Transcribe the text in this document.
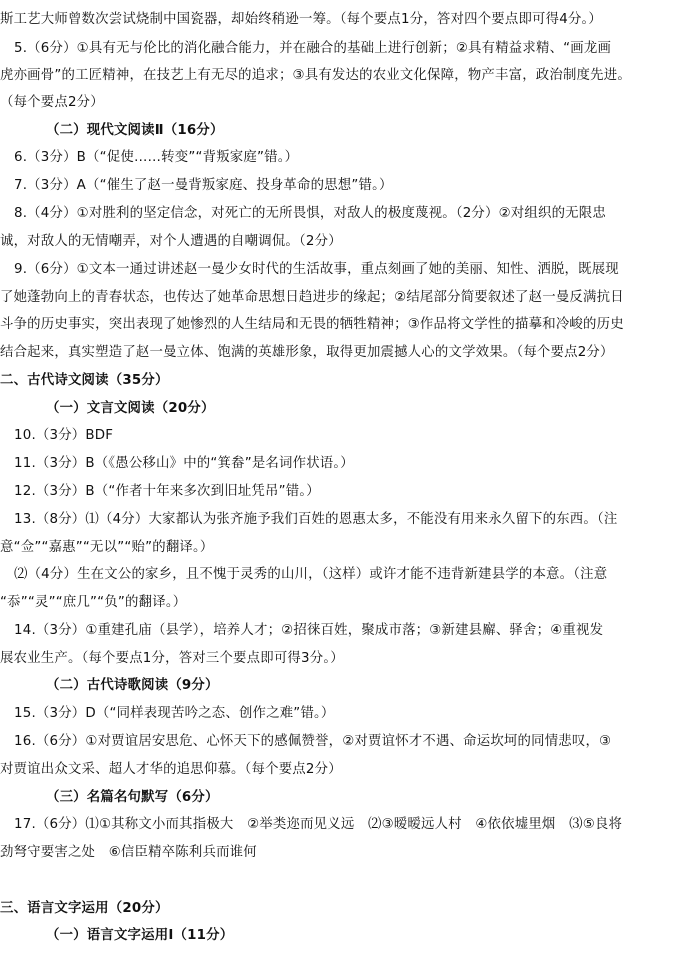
斯工艺大师曾数次尝试烧制中国瓷器，却始终稍逊一筹。（每个要点1分，答对四个要点即可得4分。）
5.（6分）①具有无与伦比的消化融合能力，并在融合的基础上进行创新；②具有精益求精、“画龙画
虎亦画骨”的工匠精神，在技艺上有无尽的追求；③具有发达的农业文化保障，物产丰富，政治制度先进。
（每个要点2分）
（二）现代文阅读Ⅱ（16分）
6.（3分）B（“促使……转变”“背叛家庭”错。）
7.（3分）A（“催生了赵一曼背叛家庭、投身革命的思想”错。）
8.（4分）①对胜利的坚定信念，对死亡的无所畏惧，对敌人的极度蔑视。（2分）②对组织的无限忠
诚，对敌人的无情嘲弄，对个人遭遇的自嘲调侃。（2分）
9.（6分）①文本一通过讲述赵一曼少女时代的生活故事，重点刻画了她的美丽、知性、洒脱，既展现
了她蓬勃向上的青春状态，也传达了她革命思想日趋进步的缘起；②结尾部分简要叙述了赵一曼反满抗日
斗争的历史事实，突出表现了她惨烈的人生结局和无畏的牺牲精神；③作品将文学性的描摹和冷峻的历史
结合起来，真实塑造了赵一曼立体、饱满的英雄形象，取得更加震撼人心的文学效果。（每个要点2分）
二、古代诗文阅读（35分）
（一）文言文阅读（20分）
10.（3分）BDF
11.（3分）B（《愚公移山》中的“箕畚”是名词作状语。）
12.（3分）B（“作者十年来多次到旧址凭吊”错。）
13.（8分）⑴（4分）大家都认为张齐施予我们百姓的恩惠太多，不能没有用来永久留下的东西。（注
意“佥”“嘉惠”“无以”“贻”的翻译。）
⑵（4分）生在文公的家乡，且不愧于灵秀的山川，（这样）或许才能不违背新建县学的本意。（注意
“忝”“灵”“庶几”“负”的翻译。）
14.（3分）①重建孔庙（县学），培养人才；②招徕百姓，聚成市落；③新建县廨、驿舍；④重视发
展农业生产。（每个要点1分，答对三个要点即可得3分。）
（二）古代诗歌阅读（9分）
15.（3分）D（“同样表现苦吟之态、创作之难”错。）
16.（6分）①对贾谊居安思危、心怀天下的感佩赞誉，②对贾谊怀才不遇、命运坎坷的同情悲叹，③
对贾谊出众文采、超人才华的追思仰慕。（每个要点2分）
（三）名篇名句默写（6分）
17.（6分）⑴①其称文小而其指极大　②举类迩而见义远　⑵③暧暧远人村　④依依墟里烟　⑶⑤良将
劲弩守要害之处　⑥信臣精卒陈利兵而谁何
三、语言文字运用（20分）
（一）语言文字运用Ⅰ（11分）
